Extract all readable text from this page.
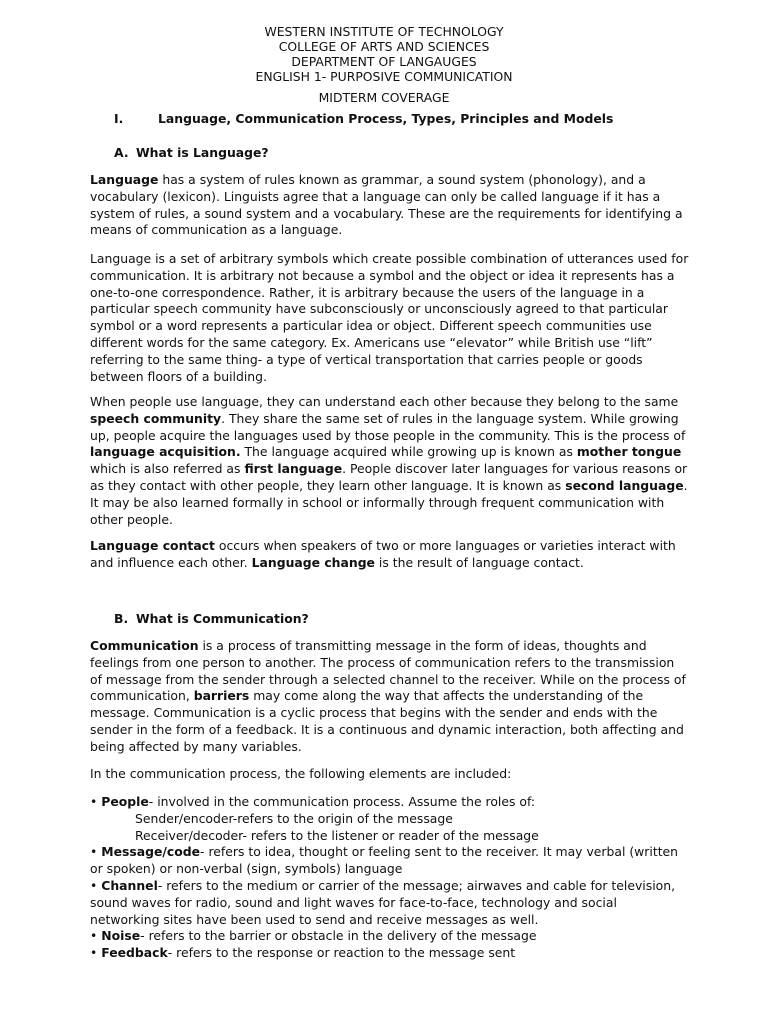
WESTERN INSTITUTE OF TECHNOLOGY
COLLEGE OF ARTS AND SCIENCES
DEPARTMENT OF LANGAUGES
ENGLISH 1- PURPOSIVE COMMUNICATION
MIDTERM COVERAGE
I.	Language, Communication Process, Types, Principles and Models
A. What is Language?
Language has a system of rules known as grammar, a sound system (phonology), and a vocabulary (lexicon). Linguists agree that a language can only be called language if it has a system of rules, a sound system and a vocabulary. These are the requirements for identifying a means of communication as a language.
Language is a set of arbitrary symbols which create possible combination of utterances used for communication. It is arbitrary not because a symbol and the object or idea it represents has a one-to-one correspondence. Rather, it is arbitrary because the users of the language in a particular speech community have subconsciously or unconsciously agreed to that particular symbol or a word represents a particular idea or object. Different speech communities use different words for the same category. Ex. Americans use “elevator” while British use “lift” referring to the same thing- a type of vertical transportation that carries people or goods between floors of a building.
When people use language, they can understand each other because they belong to the same speech community. They share the same set of rules in the language system. While growing up, people acquire the languages used by those people in the community. This is the process of language acquisition. The language acquired while growing up is known as mother tongue which is also referred as first language. People discover later languages for various reasons or as they contact with other people, they learn other language. It is known as second language. It may be also learned formally in school or informally through frequent communication with other people.
Language contact occurs when speakers of two or more languages or varieties interact with and influence each other. Language change is the result of language contact.
B. What is Communication?
Communication is a process of transmitting message in the form of ideas, thoughts and feelings from one person to another. The process of communication refers to the transmission of message from the sender through a selected channel to the receiver. While on the process of communication, barriers may come along the way that affects the understanding of the message. Communication is a cyclic process that begins with the sender and ends with the sender in the form of a feedback. It is a continuous and dynamic interaction, both affecting and being affected by many variables.
In the communication process, the following elements are included:
• People- involved in the communication process. Assume the roles of:
Sender/encoder-refers to the origin of the message
Receiver/decoder- refers to the listener or reader of the message
• Message/code- refers to idea, thought or feeling sent to the receiver. It may verbal (written or spoken) or non-verbal (sign, symbols) language
• Channel- refers to the medium or carrier of the message; airwaves and cable for television, sound waves for radio, sound and light waves for face-to-face, technology and social networking sites have been used to send and receive messages as well.
• Noise- refers to the barrier or obstacle in the delivery of the message
• Feedback- refers to the response or reaction to the message sent
